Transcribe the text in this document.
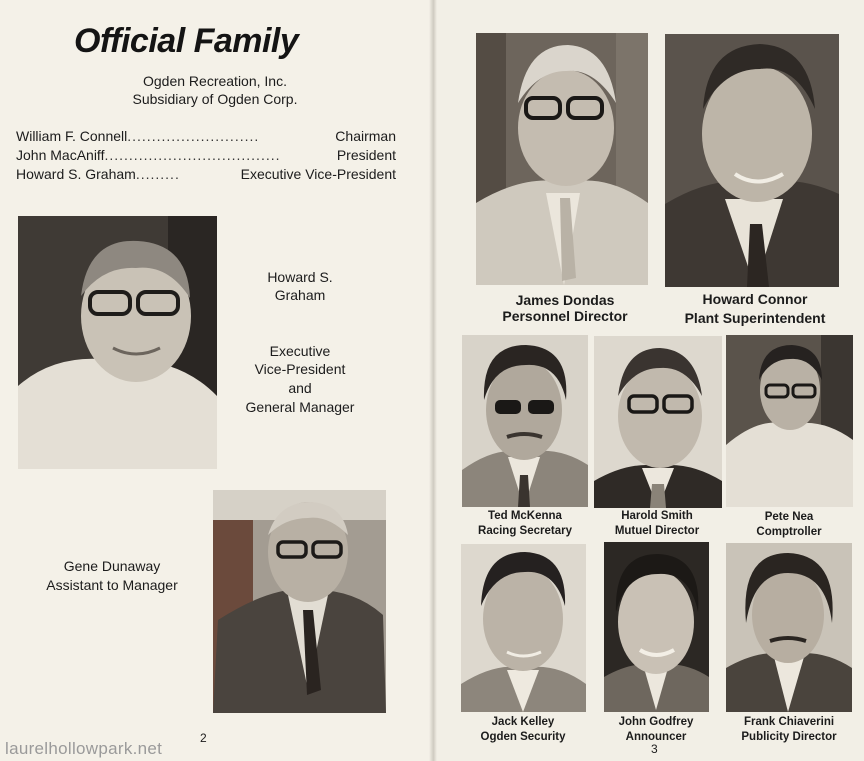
Official Family
Ogden Recreation, Inc.
Subsidiary of Ogden Corp.
William F. Connell ...........................	Chairman
John MacAniff ....................................	President
Howard S. Graham .........	Executive Vice-President
Howard S.
Graham
Executive
Vice-President
and
General Manager
Gene Dunaway
Assistant to Manager
2
James Dondas
Personnel Director
Howard Connor
Plant Superintendent
Ted McKenna
Racing Secretary
Harold Smith
Mutuel Director
Pete Nea
Comptroller
Jack Kelley
Ogden Security
John Godfrey
Announcer
Frank Chiaverini
Publicity Director
3
laurelhollowpark.net
